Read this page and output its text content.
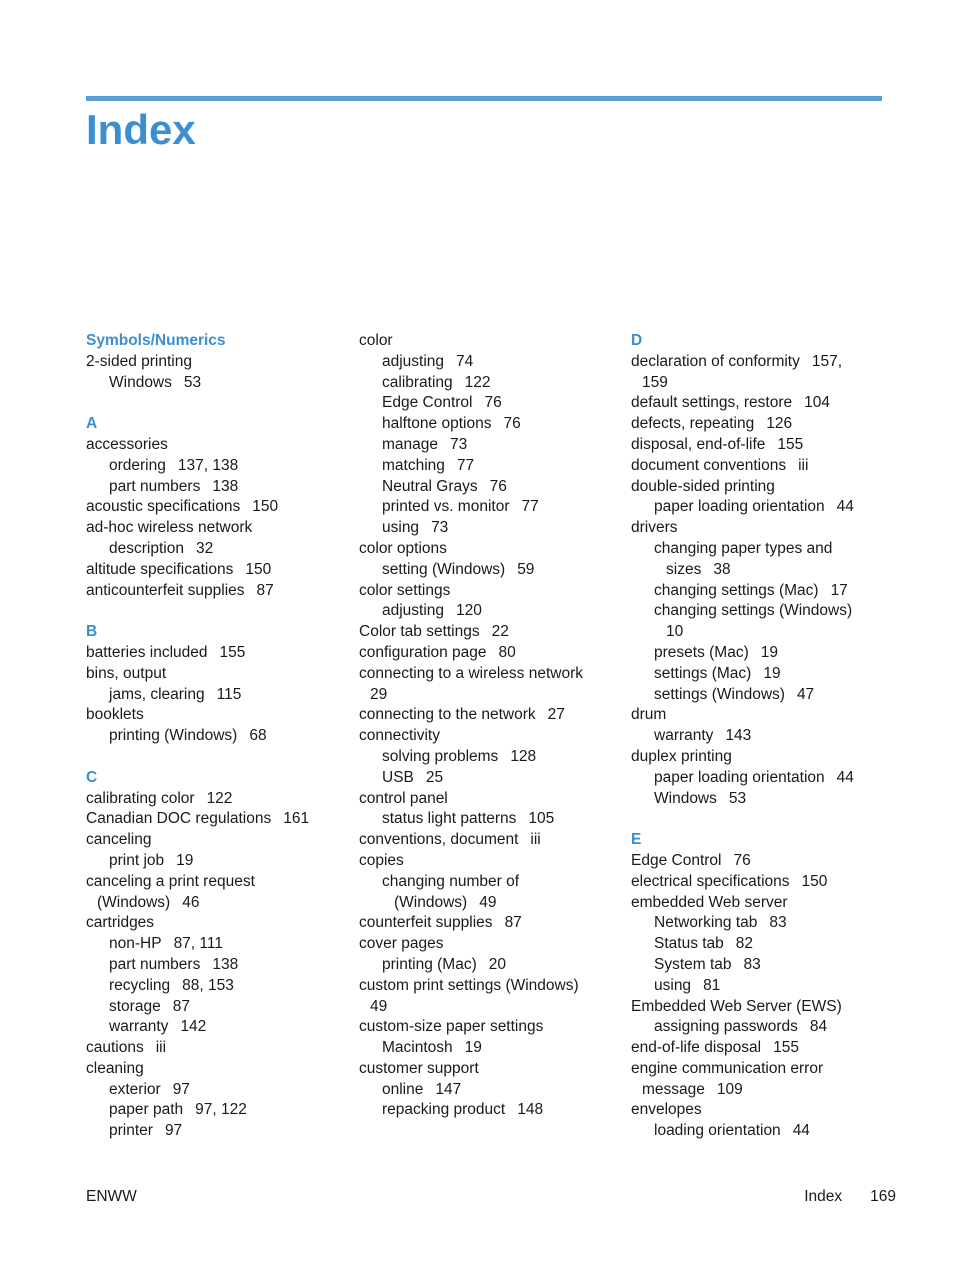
Index
Symbols/Numerics
2-sided printing
Windows 53
A
accessories
ordering 137, 138
part numbers 138
acoustic specifications 150
ad-hoc wireless network
description 32
altitude specifications 150
anticounterfeit supplies 87
B
batteries included 155
bins, output
jams, clearing 115
booklets
printing (Windows) 68
C
calibrating color 122
Canadian DOC regulations 161
canceling
print job 19
canceling a print request
(Windows) 46
cartridges
non-HP 87, 111
part numbers 138
recycling 88, 153
storage 87
warranty 142
cautions iii
cleaning
exterior 97
paper path 97, 122
printer 97
color
adjusting 74
calibrating 122
Edge Control 76
halftone options 76
manage 73
matching 77
Neutral Grays 76
printed vs. monitor 77
using 73
color options
setting (Windows) 59
color settings
adjusting 120
Color tab settings 22
configuration page 80
connecting to a wireless network
29
connecting to the network 27
connectivity
solving problems 128
USB 25
control panel
status light patterns 105
conventions, document iii
copies
changing number of
(Windows) 49
counterfeit supplies 87
cover pages
printing (Mac) 20
custom print settings (Windows)
49
custom-size paper settings
Macintosh 19
customer support
online 147
repacking product 148
D
declaration of conformity 157,
159
default settings, restore 104
defects, repeating 126
disposal, end-of-life 155
document conventions iii
double-sided printing
paper loading orientation 44
drivers
changing paper types and
sizes 38
changing settings (Mac) 17
changing settings (Windows)
10
presets (Mac) 19
settings (Mac) 19
settings (Windows) 47
drum
warranty 143
duplex printing
paper loading orientation 44
Windows 53
E
Edge Control 76
electrical specifications 150
embedded Web server
Networking tab 83
Status tab 82
System tab 83
using 81
Embedded Web Server (EWS)
assigning passwords 84
end-of-life disposal 155
engine communication error
message 109
envelopes
loading orientation 44
ENWW	Index 169
